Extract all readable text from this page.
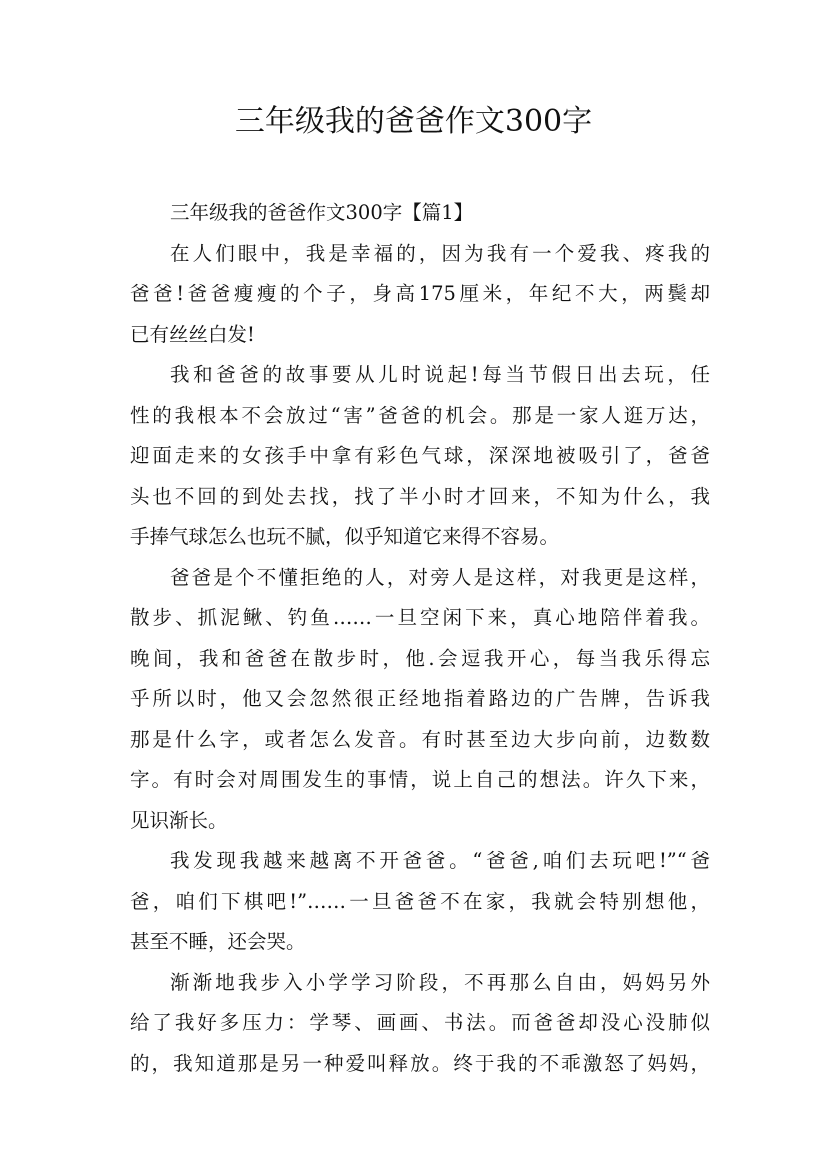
三年级我的爸爸作文300字
三年级我的爸爸作文300字【篇1】
在人们眼中，我是幸福的，因为我有一个爱我、疼我的
爸爸!爸爸瘦瘦的个子，身高175厘米，年纪不大，两鬓却
已有丝丝白发!
我和爸爸的故事要从儿时说起!每当节假日出去玩，任
性的我根本不会放过“害”爸爸的机会。那是一家人逛万达，
迎面走来的女孩手中拿有彩色气球，深深地被吸引了，爸爸
头也不回的到处去找，找了半小时才回来，不知为什么，我
手捧气球怎么也玩不腻，似乎知道它来得不容易。
爸爸是个不懂拒绝的人，对旁人是这样，对我更是这样，
散步、抓泥鳅、钓鱼……一旦空闲下来，真心地陪伴着我。
晚间，我和爸爸在散步时，他.会逗我开心，每当我乐得忘
乎所以时，他又会忽然很正经地指着路边的广告牌，告诉我
那是什么字，或者怎么发音。有时甚至边大步向前，边数数
字。有时会对周围发生的事情，说上自己的想法。许久下来，
见识渐长。
我发现我越来越离不开爸爸。“爸爸,咱们去玩吧!”“爸
爸，咱们下棋吧!”……一旦爸爸不在家，我就会特别想他，
甚至不睡，还会哭。
渐渐地我步入小学学习阶段，不再那么自由，妈妈另外
给了我好多压力：学琴、画画、书法。而爸爸却没心没肺似
的，我知道那是另一种爱叫释放。终于我的不乖激怒了妈妈，
